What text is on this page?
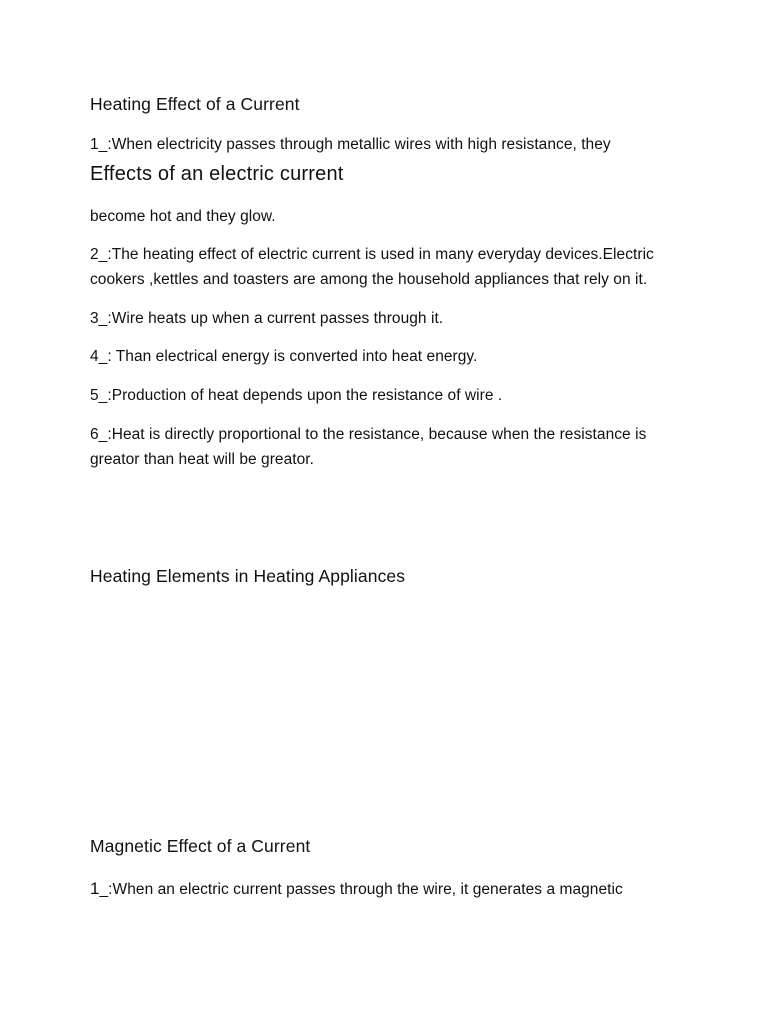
Heating Effect of a Current

1_:When electricity passes through metallic wires with high resistance, they

Effects of an electric current

become hot and they glow.

2_:The heating effect of electric current is used in many everyday devices.Electric

cookers ,kettles and toasters are among the household appliances that rely on it.

3_:Wire heats up when a current passes through it.

4_: Than electrical energy is converted into heat energy.

5_:Production of heat depends upon the resistance of wire .

6_:Heat is directly proportional to the resistance, because when the resistance is

greator than heat will be greator.

Heating Elements in Heating Appliances

Magnetic Effect of a Current

1_:When an electric current passes through the wire, it generates a magnetic
